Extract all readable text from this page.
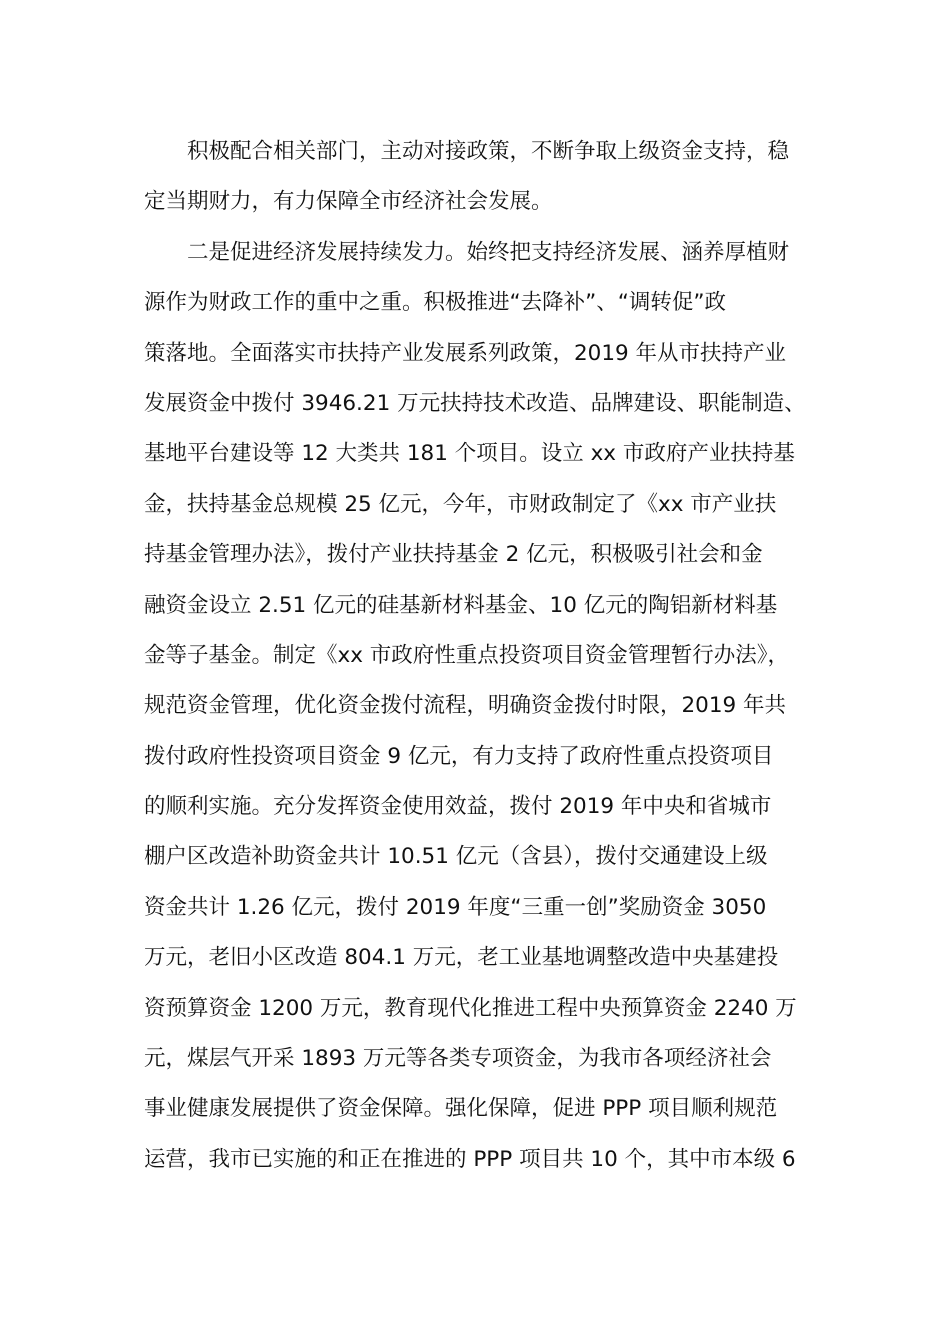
　　积极配合相关部门，主动对接政策，不断争取上级资金支持，稳
定当期财力，有力保障全市经济社会发展。
　　二是促进经济发展持续发力。始终把支持经济发展、涵养厚植财
源作为财政工作的重中之重。积极推进“去降补”、“调转促”政
策落地。全面落实市扶持产业发展系列政策，2019 年从市扶持产业
发展资金中拨付 3946.21 万元扶持技术改造、品牌建设、职能制造、
基地平台建设等 12 大类共 181 个项目。设立 xx 市政府产业扶持基
金，扶持基金总规模 25 亿元，今年，市财政制定了《xx 市产业扶
持基金管理办法》，拨付产业扶持基金 2 亿元，积极吸引社会和金
融资金设立 2.51 亿元的硅基新材料基金、10 亿元的陶铝新材料基
金等子基金。制定《xx 市政府性重点投资项目资金管理暂行办法》，
规范资金管理，优化资金拨付流程，明确资金拨付时限，2019 年共
拨付政府性投资项目资金 9 亿元，有力支持了政府性重点投资项目
的顺利实施。充分发挥资金使用效益，拨付 2019 年中央和省城市
棚户区改造补助资金共计 10.51 亿元（含县），拨付交通建设上级
资金共计 1.26 亿元，拨付 2019 年度“三重一创”奖励资金 3050
万元，老旧小区改造 804.1 万元，老工业基地调整改造中央基建投
资预算资金 1200 万元，教育现代化推进工程中央预算资金 2240 万
元，煤层气开采 1893 万元等各类专项资金，为我市各项经济社会
事业健康发展提供了资金保障。强化保障，促进 PPP 项目顺利规范
运营，我市已实施的和正在推进的 PPP 项目共 10 个，其中市本级 6
